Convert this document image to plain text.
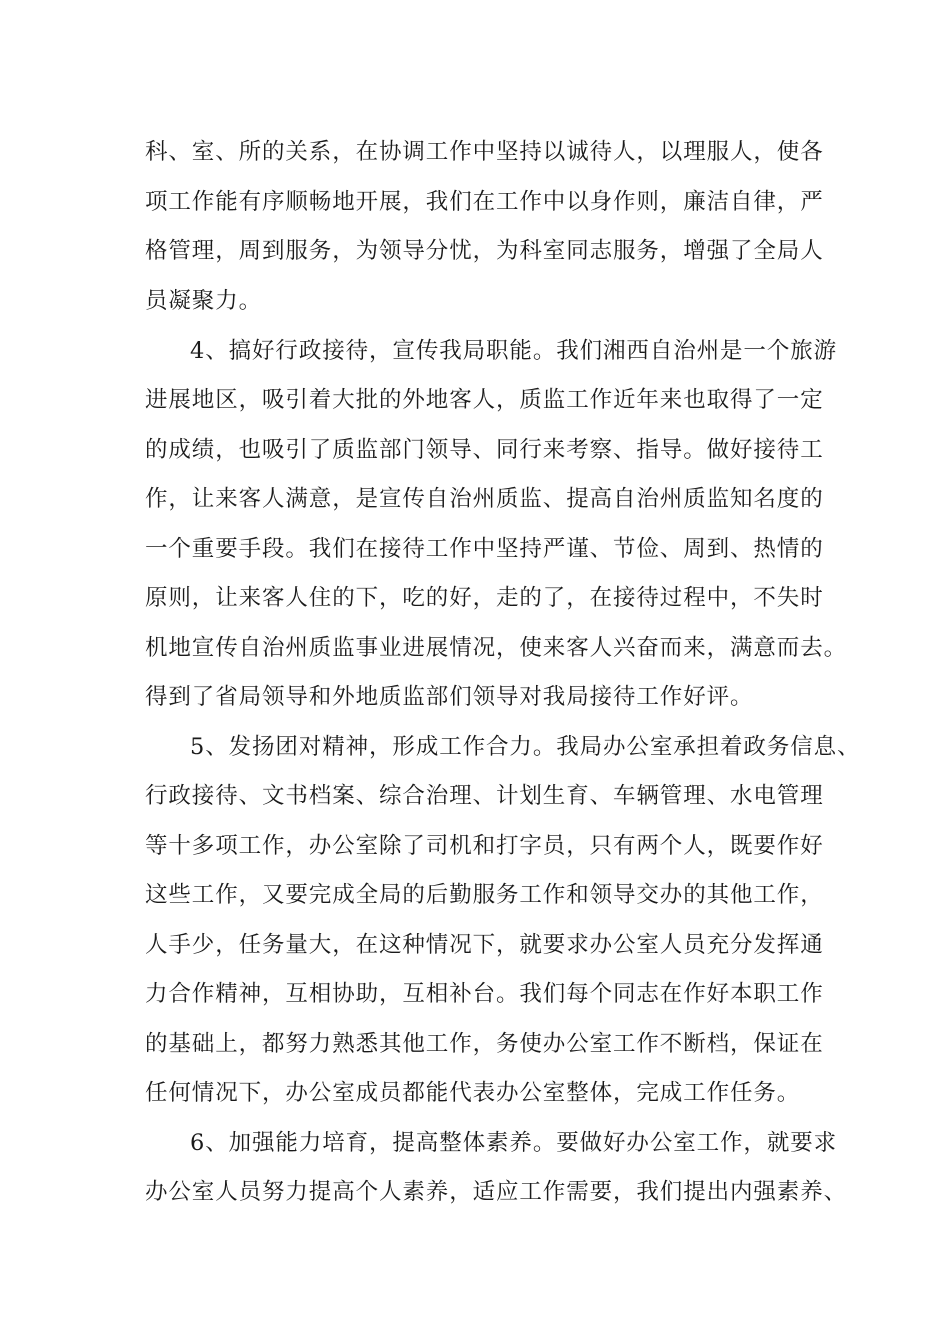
科、室、所的关系，在协调工作中坚持以诚待人，以理服人，使各
项工作能有序顺畅地开展，我们在工作中以身作则，廉洁自律，严
格管理，周到服务，为领导分忧，为科室同志服务，增强了全局人
员凝聚力。
4、搞好行政接待，宣传我局职能。我们湘西自治州是一个旅游
进展地区，吸引着大批的外地客人，质监工作近年来也取得了一定
的成绩，也吸引了质监部门领导、同行来考察、指导。做好接待工
作，让来客人满意，是宣传自治州质监、提高自治州质监知名度的
一个重要手段。我们在接待工作中坚持严谨、节俭、周到、热情的
原则，让来客人住的下，吃的好，走的了，在接待过程中，不失时
机地宣传自治州质监事业进展情况，使来客人兴奋而来，满意而去。
得到了省局领导和外地质监部们领导对我局接待工作好评。
5、发扬团对精神，形成工作合力。我局办公室承担着政务信息、
行政接待、文书档案、综合治理、计划生育、车辆管理、水电管理
等十多项工作，办公室除了司机和打字员，只有两个人，既要作好
这些工作，又要完成全局的后勤服务工作和领导交办的其他工作，
人手少，任务量大，在这种情况下，就要求办公室人员充分发挥通
力合作精神，互相协助，互相补台。我们每个同志在作好本职工作
的基础上，都努力熟悉其他工作，务使办公室工作不断档，保证在
任何情况下，办公室成员都能代表办公室整体，完成工作任务。
6、加强能力培育，提高整体素养。要做好办公室工作，就要求
办公室人员努力提高个人素养，适应工作需要，我们提出内强素养、
